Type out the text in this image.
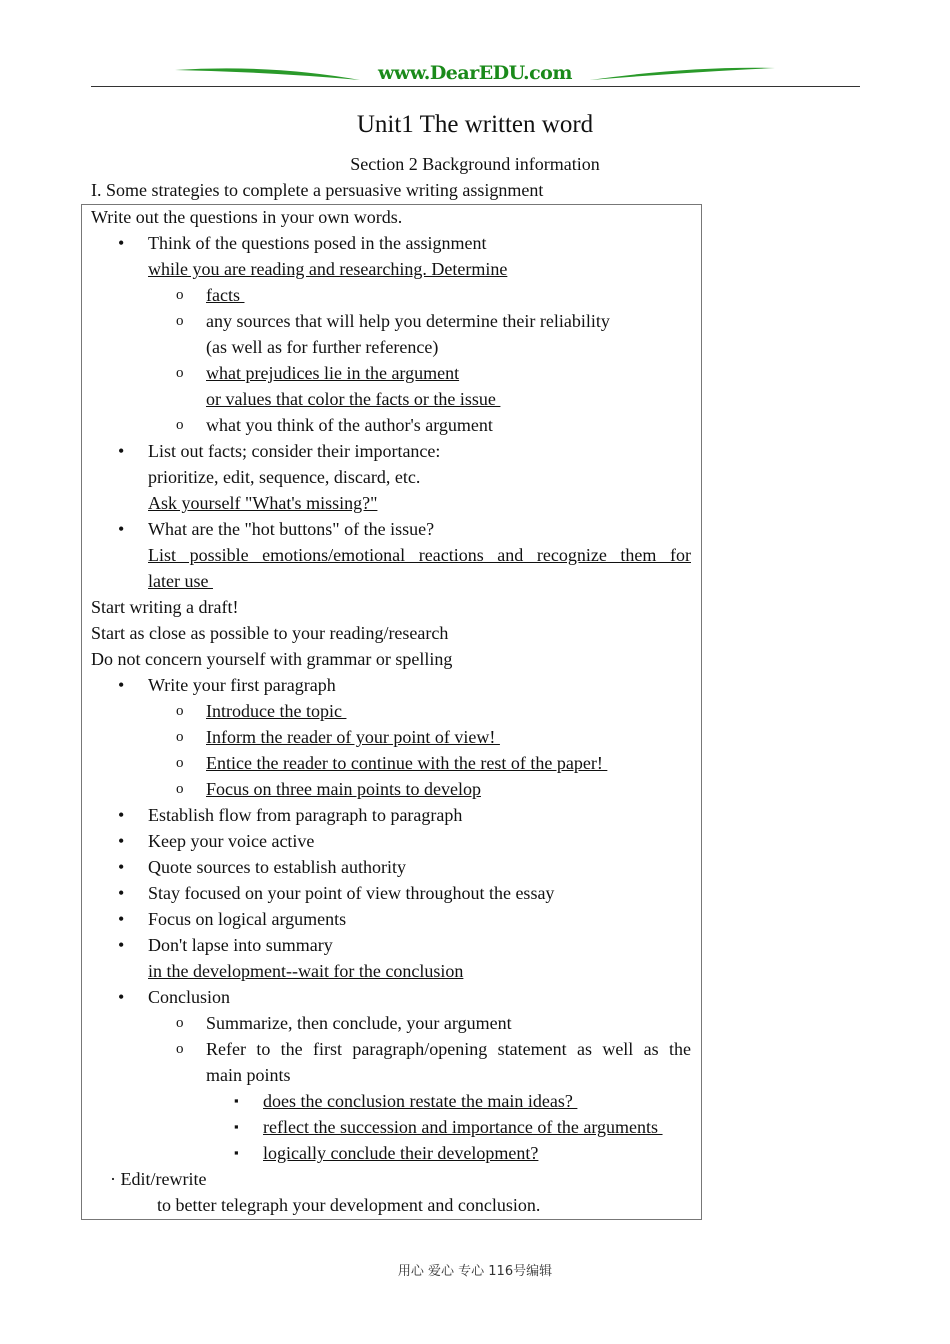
www.DearEDU.com
Unit1 The written word
Section 2 Background information
I. Some strategies to complete a persuasive writing assignment
Write out the questions in your own words.
• Think of the questions posed in the assignment
while you are reading and researching. Determine
o facts
o any sources that will help you determine their reliability
(as well as for further reference)
o what prejudices lie in the argument
or values that color the facts or the issue
o what you think of the author's argument
• List out facts; consider their importance:
prioritize, edit, sequence, discard, etc.
Ask yourself "What's missing?"
• What are the "hot buttons" of the issue?
List possible emotions/emotional reactions and recognize them for
later use
Start writing a draft!
Start as close as possible to your reading/research
Do not concern yourself with grammar or spelling
• Write your first paragraph
o Introduce the topic
o Inform the reader of your point of view!
o Entice the reader to continue with the rest of the paper!
o Focus on three main points to develop
• Establish flow from paragraph to paragraph
• Keep your voice active
• Quote sources to establish authority
• Stay focused on your point of view throughout the essay
• Focus on logical arguments
• Don't lapse into summary
in the development--wait for the conclusion
• Conclusion
o Summarize, then conclude, your argument
o Refer to the first paragraph/opening statement as well as the
main points
▪ does the conclusion restate the main ideas?
▪ reflect the succession and importance of the arguments
▪ logically conclude their development?
· Edit/rewrite
to better telegraph your development and conclusion.
用心 爱心 专心 116号编辑
